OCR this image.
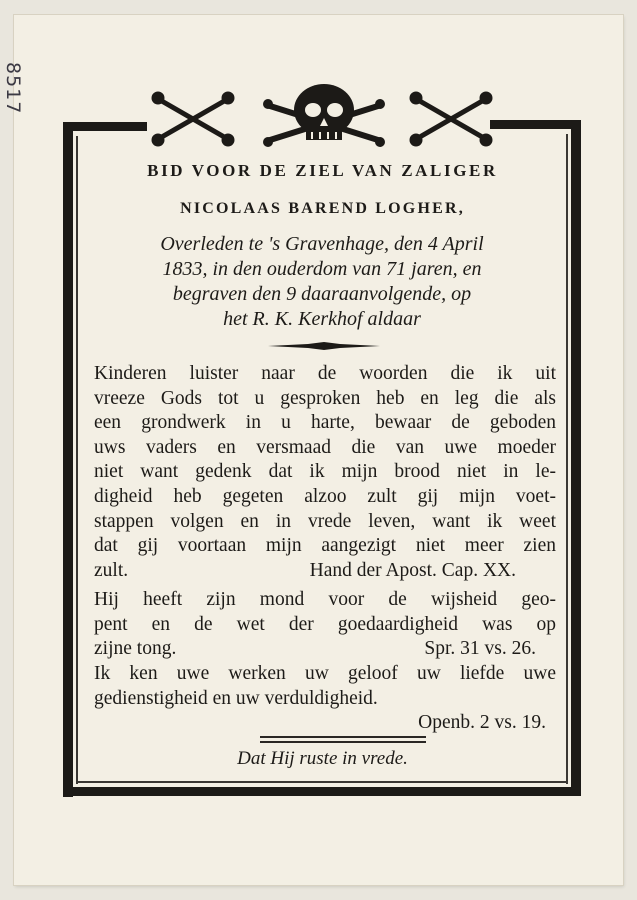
8517
BID VOOR DE ZIEL VAN ZALIGER
NICOLAAS BAREND LOGHER,
Overleden te 's Gravenhage, den 4 April
1833, in den ouderdom van 71 jaren, en
begraven den 9 daaraanvolgende, op
het R. K. Kerkhof aldaar
Kinderen luister naar de woorden die ik uit
vreeze Gods tot u gesproken heb en leg die als
een grondwerk in u harte, bewaar de geboden
uws vaders en versmaad die van uwe moeder
niet want gedenk dat ik mijn brood niet in le-
digheid heb gegeten alzoo zult gij mijn voet-
stappen volgen en in vrede leven, want ik weet
dat gij voortaan mijn aangezigt niet meer zien
zult.	Hand der Apost. Cap. XX.
Hij heeft zijn mond voor de wijsheid geo-
pent en de wet der goedaardigheid was op
zijne tong.	Spr. 31 vs. 26.
Ik ken uwe werken uw geloof uw liefde uwe
gedienstigheid en uw verduldigheid.
Openb. 2 vs. 19.
Dat Hij ruste in vrede.
